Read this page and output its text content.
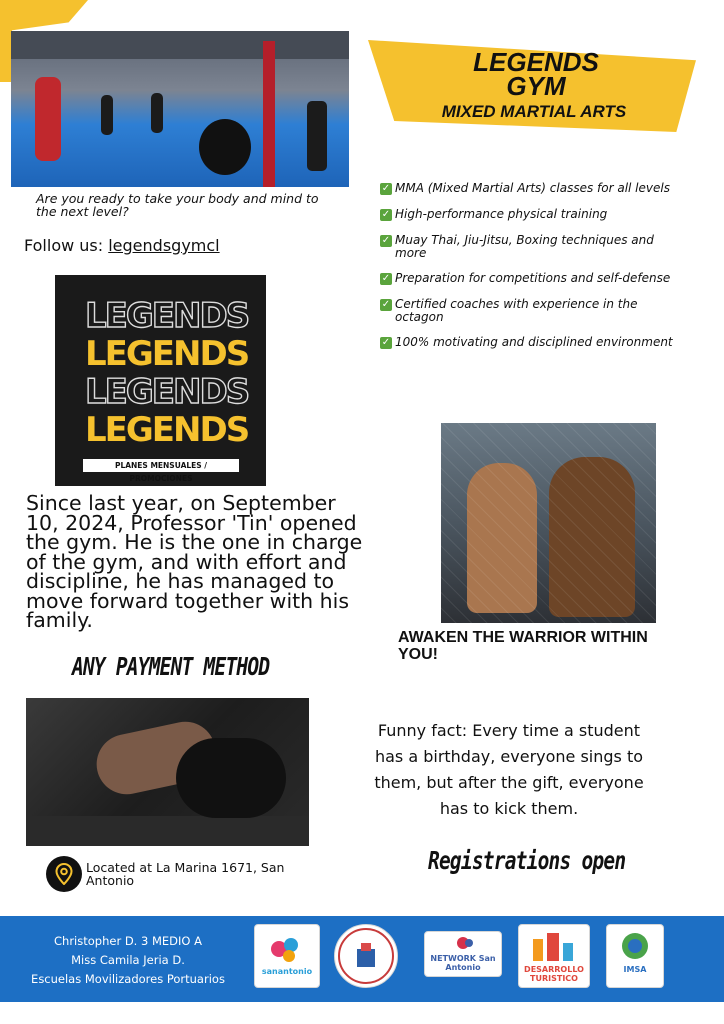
Are you ready to take your body and mind to the next level?
Follow us: legendsgymcl
LEGENDS
LEGENDS
LEGENDS
LEGENDS
PLANES MENSUALES / PROMOCIONES
Since last year, on September 10, 2024, Professor 'Tin' opened the gym. He is the one in charge of the gym, and with effort and discipline, he has managed to move forward together with his family.
ANY PAYMENT METHOD
Located at La Marina 1671, San Antonio
LEGENDS
GYM
MIXED MARTIAL ARTS
✓ MMA (Mixed Martial Arts) classes for all levels
✓ High-performance physical training
✓ Muay Thai, Jiu-Jitsu, Boxing techniques and more
✓ Preparation for competitions and self-defense
✓ Certified coaches with experience in the octagon
✓ 100% motivating and disciplined environment
AWAKEN THE WARRIOR WITHIN YOU!
Funny fact: Every time a student has a birthday, everyone sings to them, but after the gift, everyone has to kick them.
Registrations open
Christopher D. 3 MEDIO A
Miss Camila Jeria D.
Escuelas Movilizadores Portuarios
sanantonio
NETWORK San Antonio	DESARROLLO TURISTICO
IMSA
